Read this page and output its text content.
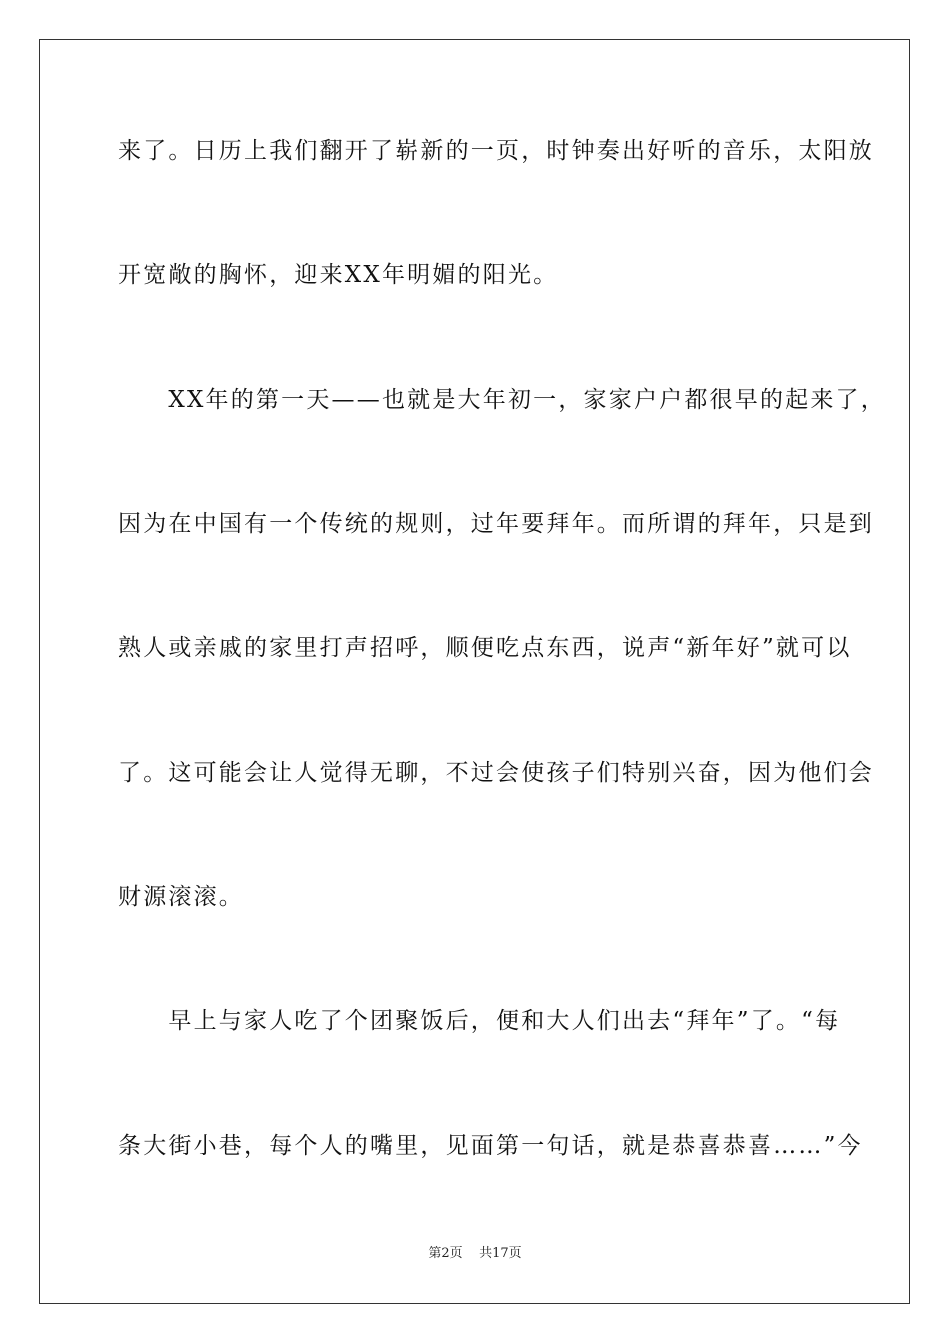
来了。日历上我们翻开了崭新的一页，时钟奏出好听的音乐，太阳放
开宽敞的胸怀，迎来XX年明媚的阳光。
　　XX年的第一天——也就是大年初一，家家户户都很早的起来了，
因为在中国有一个传统的规则，过年要拜年。而所谓的拜年，只是到
熟人或亲戚的家里打声招呼，顺便吃点东西，说声“新年好”就可以
了。这可能会让人觉得无聊，不过会使孩子们特别兴奋，因为他们会
财源滚滚。
　　早上与家人吃了个团聚饭后，便和大人们出去“拜年”了。“每
条大街小巷，每个人的嘴里，见面第一句话，就是恭喜恭喜……”今
第2页 共17页
